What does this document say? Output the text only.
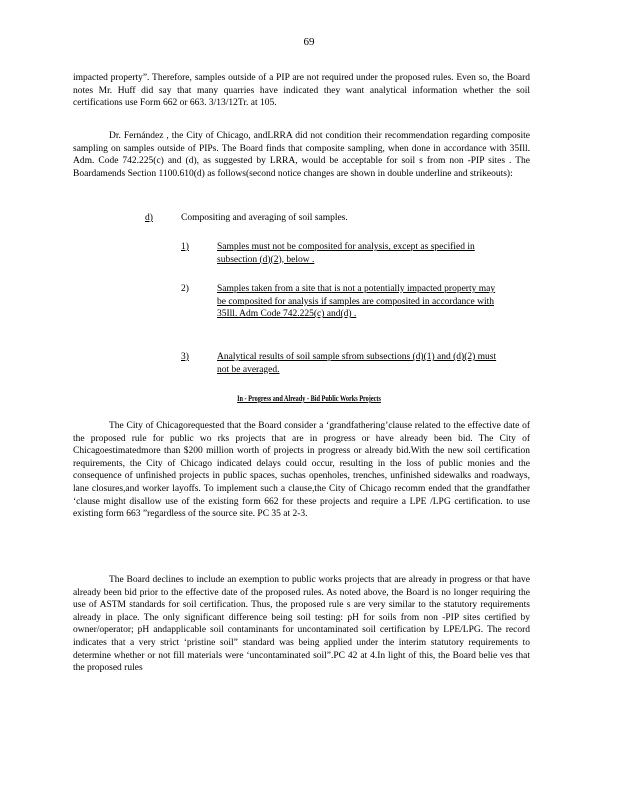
69
impacted property”. Therefore, samples outside of a PIP are not required under the proposed rules. Even so, the Board notes Mr. Huff did say that many quarries have indicated they want analytical information whether the soil certifications use Form 662 or 663. 3/13/12Tr. at 105.
Dr. Fernández , the City of Chicago, andLRRA did not condition their recommendation regarding composite sampling on samples outside of PIPs. The Board finds that composite sampling, when done in accordance with 35Ill. Adm. Code 742.225(c) and (d), as suggested by LRRA, would be acceptable for soil s from non -PIP sites . The Boardamends Section 1100.610(d) as follows(second notice changes are shown in double underline and strikeouts):
d)	Compositing and averaging of soil samples.
1)	Samples must not be composited for analysis, except as specified in subsection (d)(2), below .
2)	Samples taken from a site that is not a potentially impacted property may be composited for analysis if samples are composited in accordance with 35Ill. Adm Code 742.225(c) and(d) .
3)	Analytical results of soil sample sfrom subsections (d)(1) and (d)(2) must not be averaged.
In - Progress and Already - Bid Public Works Projects
The City of Chicagorequested that the Board consider a ‘grandfathering’clause related to the effective date of the proposed rule for public wo rks projects that are in progress or have already been bid. The City of Chicagoestimatedmore than $200 million worth of projects in progress or already bid.With the new soil certification requirements, the City of Chicago indicated delays could occur, resulting in the loss of public monies and the consequence of unfinished projects in public spaces, suchas openholes, trenches, unfinished sidewalks and roadways, lane closures,and worker layoffs. To implement such a clause,the City of Chicago recomm ended that the grandfather ‘clause might disallow use of the existing form 662 for these projects and require a LPE /LPG certification. to use existing form 663 ”regardless of the source site. PC 35 at 2-3.
The Board declines to include an exemption to public works projects that are already in progress or that have already been bid prior to the effective date of the proposed rules. As noted above, the Board is no longer requiring the use of ASTM standards for soil certification. Thus, the proposed rule s are very similar to the statutory requirements already in place. The only significant difference being soil testing: pH for soils from non -PIP sites certified by owner/operator; pH andapplicable soil contaminants for uncontaminated soil certification by LPE/LPG. The record indicates that a very strict ‘pristine soil” standard was being applied under the interim statutory requirements to determine whether or not fill materials were ‘uncontaminated soil”.PC 42 at 4.In light of this, the Board belie ves that the proposed rules
